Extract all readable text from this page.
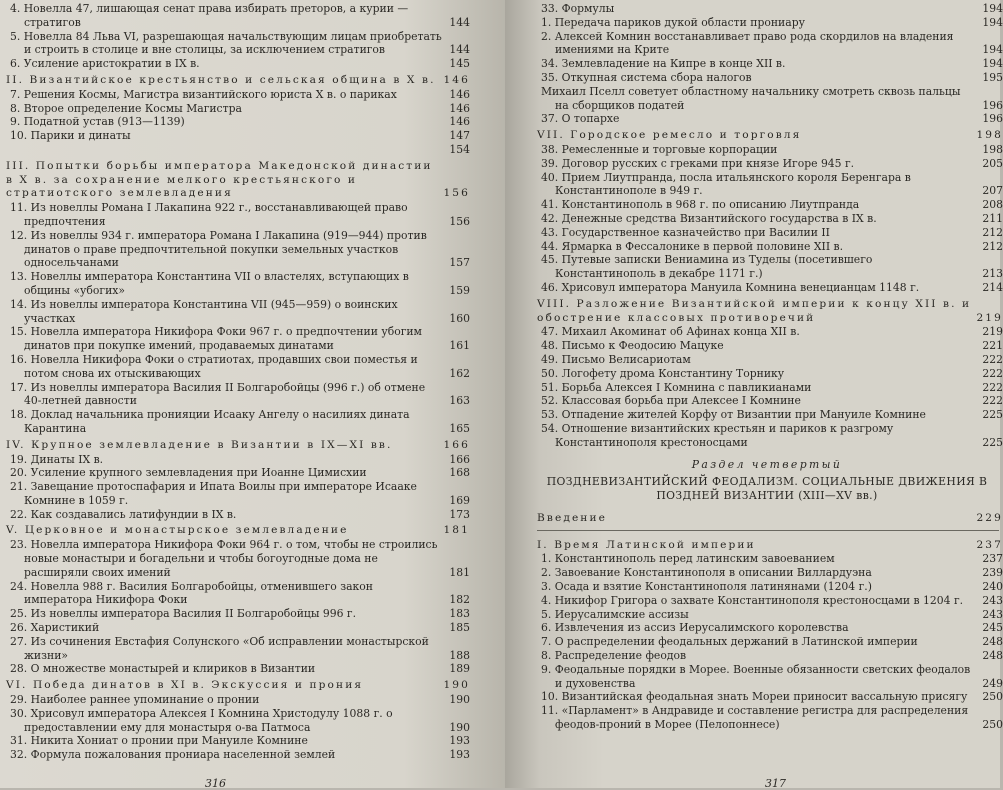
4. Новелла 47, лишающая сенат права избирать преторов, а курии — стратигов	144
5. Новелла 84 Льва VI, разрешающая начальствующим лицам приобретать и строить в столице и вне столицы, за исключением стратигов	144
6. Усиление аристократии в IX в.	145
II. Византийское крестьянство и сельская община в X в. 146
7. Решения Космы, Магистра византийского юриста X в. о париках	146
8. Второе определение Космы Магистра	146
9. Податной устав (913—1139)	146
10. Парики и динаты	147
154
III. Попытки борьбы императора Македонской династии в X в. за сохранение мелкого крестьянского и стратиотского землевладения	156
11. Из новеллы Романа I Лакапина 922 г., восстанавливающей право предпочтения	156
12. Из новеллы 934 г. императора Романа I Лакапина (919—944) против динатов о праве предпочтительной покупки земельных участков односельчанами	157
13. Новеллы императора Константина VII о властелях, вступающих в общины «убогих»	159
14. Из новеллы императора Константина VII (945—959) о воинских участках	160
15. Новелла императора Никифора Фоки 967 г. о предпочтении убогим динатов при покупке имений, продаваемых динатами	161
16. Новелла Никифора Фоки о стратиотах, продавших свои поместья и потом снова их отыскивающих	162
17. Из новеллы императора Василия II Болгаробойцы (996 г.) об отмене 40-летней давности	163
18. Доклад начальника пронияции Исааку Ангелу о насилиях дината Карантина	165
IV. Крупное землевладение в Византии в IX—XI вв.	166
19. Динаты IX в.	166
20. Усиление крупного землевладения при Иоанне Цимисхии	168
21. Завещание протоспафария и Ипата Воилы при императоре Исааке Комнине в 1059 г.	169
22. Как создавались латифундии в IX в.	173
V. Церковное и монастырское землевладение	181
23. Новелла императора Никифора Фоки 964 г. о том, чтобы не строились новые монастыри и богадельни и чтобы богоугодные дома не расширяли своих имений	181
24. Новелла 988 г. Василия Болгаробойцы, отменившего закон императора Никифора Фоки	182
25. Из новеллы императора Василия II Болгаробойцы 996 г.	183
26. Харистикий	185
27. Из сочинения Евстафия Солунского «Об исправлении монастырской жизни»	188
28. О множестве монастырей и клириков в Византии	189
VI. Победа динатов в XI в. Экскуссия и прония	190
29. Наиболее раннее упоминание о пронии	190
30. Хрисовул императора Алексея I Комнина Христодулу 1088 г. о предоставлении ему для монастыря о-ва Патмоса	190
31. Никита Хониат о пронии при Мануиле Комнине	193
32. Формула пожалования прониара населенной землей	193
316
33. Формулы	194
1. Передача париков дукой области прониару	194
2. Алексей Комнин восстанавливает право рода скордилов на владения имениями на Крите	194
34. Землевладение на Кипре в конце XII в.	194
35. Откупная система сбора налогов	195
Михаил Пселл советует областному начальнику смотреть сквозь пальцы на сборщиков податей	196
37. О топархе	196
VII. Городское ремесло и торговля	198
38. Ремесленные и торговые корпорации	198
39. Договор русских с греками при князе Игоре 945 г.	205
40. Прием Лиутпранда, посла итальянского короля Беренгара в Константинополе в 949 г.	207
41. Константинополь в 968 г. по описанию Лиутпранда	208
42. Денежные средства Византийского государства в IX в.	211
43. Государственное казначейство при Василии II	212
44. Ярмарка в Фессалонике в первой половине XII в.	212
45. Путевые записки Вениамина из Туделы (посетившего Константинополь в декабре 1171 г.)	213
46. Хрисовул императора Мануила Комнина венецианцам 1148 г.	214
VIII. Разложение Византийской империи к концу XII в. и обострение классовых противоречий	219
47. Михаил Акоминат об Афинах конца XII в.	219
48. Письмо к Феодосию Мацуке	221
49. Письмо Велисариотам	222
50. Логофету дрома Константину Торнику	222
51. Борьба Алексея I Комнина с павликианами	222
52. Классовая борьба при Алексее I Комнине	222
53. Отпадение жителей Корфу от Византии при Мануиле Комнине	225
54. Отношение византийских крестьян и париков к разгрому Константинополя крестоносцами	225
Раздел четвертый
ПОЗДНЕВИЗАНТИЙСКИЙ ФЕОДАЛИЗМ. СОЦИАЛЬНЫЕ ДВИЖЕНИЯ В ПОЗДНЕЙ ВИЗАНТИИ (XIII—XV вв.)
Введение	229
I. Время Латинской империи	237
1. Константинополь перед латинским завоеванием	237
2. Завоевание Константинополя в описании Виллардуэна	239
3. Осада и взятие Константинополя латинянами (1204 г.)	240
4. Никифор Григора о захвате Константинополя крестоносцами в 1204 г.	243
5. Иерусалимские ассизы	243
6. Извлечения из ассиз Иерусалимского королевства	245
7. О распределении феодальных держаний в Латинской империи	248
8. Распределение феодов	248
9. Феодальные порядки в Морее. Военные обязанности светских феодалов и духовенства	249
10. Византийская феодальная знать Мореи приносит вассальную присягу	250
11. «Парламент» в Андравиде и составление регистра для распределения феодов-проний в Морее (Пелопоннесе)	250
317
